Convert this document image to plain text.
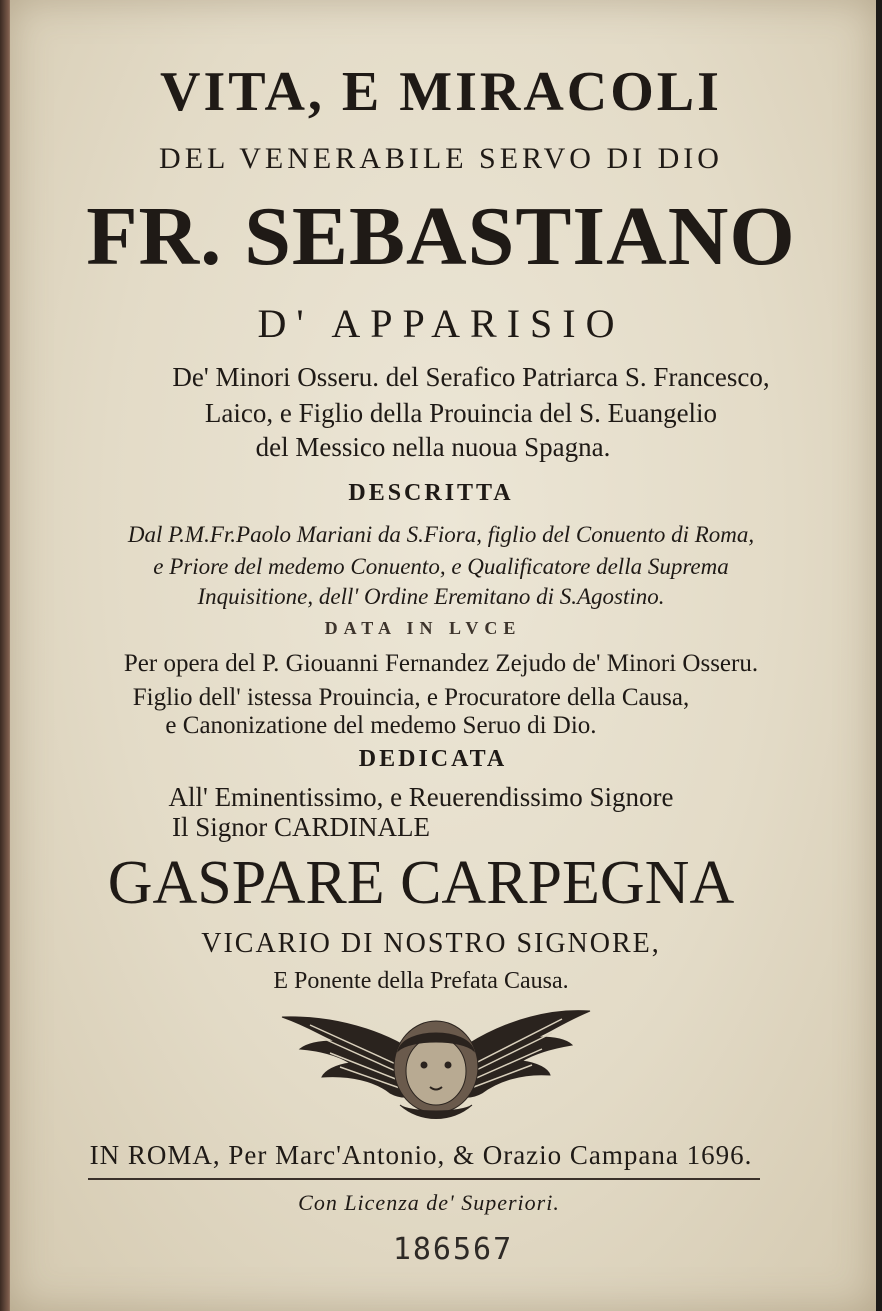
VITA, E MIRACOLI
DEL VENERABILE SERVO DI DIO
FR. SEBASTIANO
D' APPARISIO
De' Minori Osseru. del Serafico Patriarca S. Francesco,
Laico, e Figlio della Prouincia del S. Euangelio
del Messico nella nuoua Spagna.
DESCRITTA
Dal P.M.Fr.Paolo Mariani da S.Fiora, figlio del Conuento di Roma,
e Priore del medemo Conuento, e Qualificatore della Suprema
Inquisitione, dell' Ordine Eremitano di S.Agostino.
DATA IN LVCE
Per opera del P. Giouanni Fernandez Zejudo de' Minori Osseru.
Figlio dell' istessa Prouincia, e Procuratore della Causa,
e Canonizatione del medemo Seruo di Dio.
DEDICATA
All' Eminentissimo, e Reuerendissimo Signore
Il Signor CARDINALE
GASPARE CARPEGNA
VICARIO DI NOSTRO SIGNORE,
E Ponente della Prefata Causa.
IN ROMA, Per Marc'Antonio, & Orazio Campana 1696.
Con Licenza de' Superiori.
186567
